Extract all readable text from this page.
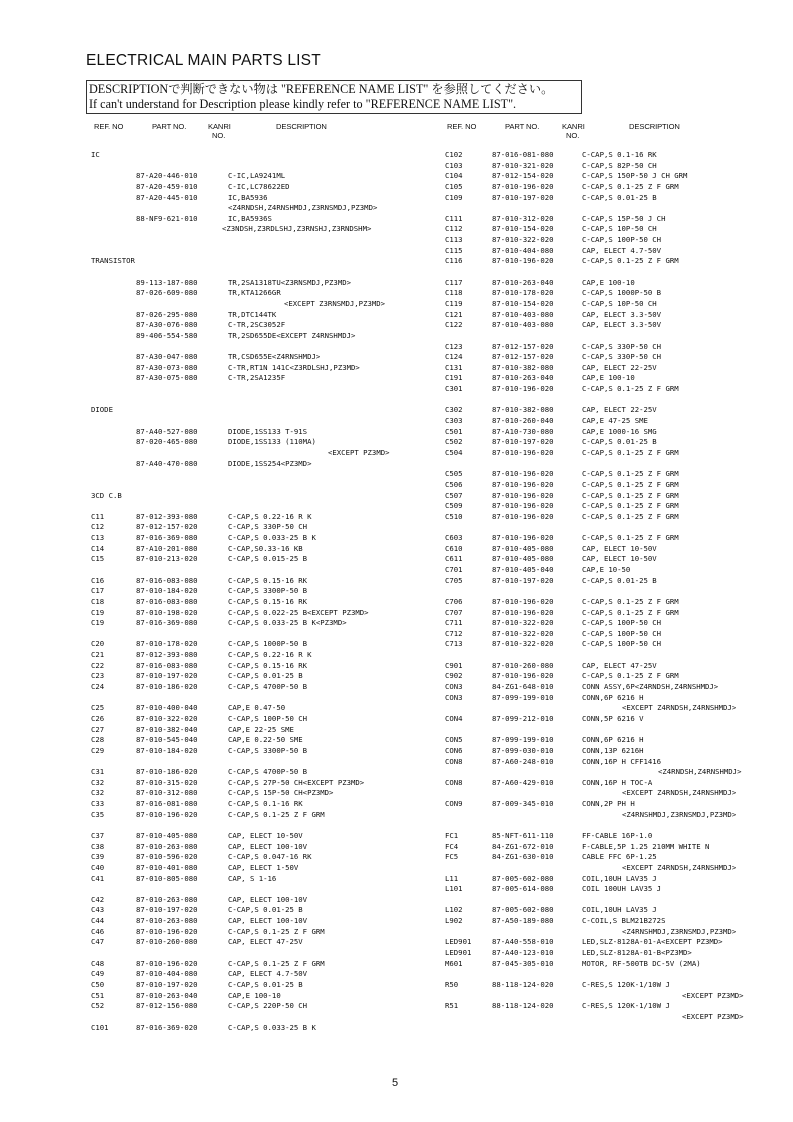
ELECTRICAL MAIN PARTS LIST
DESCRIPTIONで判断できない物は "REFERENCE NAME LIST" を参照してください。
If can't understand for Description please kindly refer to "REFERENCE NAME LIST".
REF. NO	PART NO.	KANRI
NO.
DESCRIPTION	REF. NO	PART NO.	KANRI
NO.
DESCRIPTION
IC
87-A20-446-010	C-IC,LA9241ML
87-A20-459-010	C-IC,LC78622ED
87-A20-445-010	IC,BA5936
<Z4RNDSH,Z4RNSHMDJ,Z3RNSMDJ,PZ3MD>
88-NF9-621-010	IC,BA5936S
<Z3NDSH,Z3RDLSHJ,Z3RNSHJ,Z3RNDSHM>
TRANSISTOR
89-113-187-080	TR,2SA1318TU<Z3RNSMDJ,PZ3MD>
87-026-609-080	TR,KTA1266GR
<EXCEPT Z3RNSMDJ,PZ3MD>
87-026-295-080	TR,DTC144TK
87-A30-076-080	C-TR,2SC3052F
89-406-554-580	TR,2SD655DE<EXCEPT Z4RNSHMDJ>
87-A30-047-080	TR,CSD655E<Z4RNSHMDJ>
87-A30-073-080	C-TR,RT1N 141C<Z3RDLSHJ,PZ3MD>
87-A30-075-080	C-TR,2SA1235F
DIODE
87-A40-527-080	DIODE,1SS133 T-91S
87-020-465-080	DIODE,1SS133 (110MA)
<EXCEPT PZ3MD>
87-A40-470-080	DIODE,1SS254<PZ3MD>
3CD C.B
C11	87-012-393-080	C-CAP,S 0.22-16 R K
C12	87-012-157-020	C-CAP,S 330P-50 CH
C13	87-016-369-080	C-CAP,S 0.033-25 B K
C14	87-A10-201-080	C-CAP,S0.33-16 KB
C15	87-010-213-020	C-CAP,S 0.015-25 B
C16	87-016-083-080	C-CAP,S 0.15-16 RK
C17	87-010-184-020	C-CAP,S 3300P-50 B
C18	87-016-083-080	C-CAP,S 0.15-16 RK
C19	87-010-198-020	C-CAP,S 0.022-25 B<EXCEPT PZ3MD>
C19	87-016-369-080	C-CAP,S 0.033-25 B K<PZ3MD>
C20	87-010-178-020	C-CAP,S 1000P-50 B
C21	87-012-393-080	C-CAP,S 0.22-16 R K
C22	87-016-083-080	C-CAP,S 0.15-16 RK
C23	87-010-197-020	C-CAP,S 0.01-25 B
C24	87-010-186-020	C-CAP,S 4700P-50 B
C25	87-010-400-040	CAP,E 0.47-50
C26	87-010-322-020	C-CAP,S 100P-50 CH
C27	87-010-382-040	CAP,E 22-25 SME
C28	87-010-545-040	CAP,E 0.22-50 SME
C29	87-010-184-020	C-CAP,S 3300P-50 B
C31	87-010-186-020	C-CAP,S 4700P-50 B
C32	87-010-315-020	C-CAP,S 27P-50 CH<EXCEPT PZ3MD>
C32	87-010-312-080	C-CAP,S 15P-50 CH<PZ3MD>
C33	87-016-081-080	C-CAP,S 0.1-16 RK
C35	87-010-196-020	C-CAP,S 0.1-25 Z F GRM
C37	87-010-405-080	CAP, ELECT 10-50V
C38	87-010-263-080	CAP, ELECT 100-10V
C39	87-010-596-020	C-CAP,S 0.047-16 RK
C40	87-010-401-080	CAP, ELECT 1-50V
C41	87-010-805-080	CAP, S 1-16
C42	87-010-263-080	CAP, ELECT 100-10V
C43	87-010-197-020	C-CAP,S 0.01-25 B
C44	87-010-263-080	CAP, ELECT 100-10V
C46	87-010-196-020	C-CAP,S 0.1-25 Z F GRM
C47	87-010-260-080	CAP, ELECT 47-25V
C48	87-010-196-020	C-CAP,S 0.1-25 Z F GRM
C49	87-010-404-080	CAP, ELECT 4.7-50V
C50	87-010-197-020	C-CAP,S 0.01-25 B
C51	87-010-263-040	CAP,E 100-10
C52	87-012-156-080	C-CAP,S 220P-50 CH
C101	87-016-369-020	C-CAP,S 0.033-25 B K
C102	87-016-081-080	C-CAP,S 0.1-16 RK
C103	87-010-321-020	C-CAP,S 82P-50 CH
C104	87-012-154-020	C-CAP,S 150P-50 J CH GRM
C105	87-010-196-020	C-CAP,S 0.1-25 Z F GRM
C109	87-010-197-020	C-CAP,S 0.01-25 B
C111	87-010-312-020	C-CAP,S 15P-50 J CH
C112	87-010-154-020	C-CAP,S 10P-50 CH
C113	87-010-322-020	C-CAP,S 100P-50 CH
C115	87-010-404-080	CAP, ELECT 4.7-50V
C116	87-010-196-020	C-CAP,S 0.1-25 Z F GRM
C117	87-010-263-040	CAP,E 100-10
C118	87-010-178-020	C-CAP,S 1000P-50 B
C119	87-010-154-020	C-CAP,S 10P-50 CH
C121	87-010-403-080	CAP, ELECT 3.3-50V
C122	87-010-403-080	CAP, ELECT 3.3-50V
C123	87-012-157-020	C-CAP,S 330P-50 CH
C124	87-012-157-020	C-CAP,S 330P-50 CH
C131	87-010-382-080	CAP, ELECT 22-25V
C191	87-010-263-040	CAP,E 100-10
C301	87-010-196-020	C-CAP,S 0.1-25 Z F GRM
C302	87-010-382-080	CAP, ELECT 22-25V
C303	87-010-260-040	CAP,E 47-25 SME
C501	87-A10-730-080	CAP,E 1000-16 SMG
C502	87-010-197-020	C-CAP,S 0.01-25 B
C504	87-010-196-020	C-CAP,S 0.1-25 Z F GRM
C505	87-010-196-020	C-CAP,S 0.1-25 Z F GRM
C506	87-010-196-020	C-CAP,S 0.1-25 Z F GRM
C507	87-010-196-020	C-CAP,S 0.1-25 Z F GRM
C509	87-010-196-020	C-CAP,S 0.1-25 Z F GRM
C510	87-010-196-020	C-CAP,S 0.1-25 Z F GRM
C603	87-010-196-020	C-CAP,S 0.1-25 Z F GRM
C610	87-010-405-080	CAP, ELECT 10-50V
C611	87-010-405-080	CAP, ELECT 10-50V
C701	87-010-405-040	CAP,E 10-50
C705	87-010-197-020	C-CAP,S 0.01-25 B
C706	87-010-196-020	C-CAP,S 0.1-25 Z F GRM
C707	87-010-196-020	C-CAP,S 0.1-25 Z F GRM
C711	87-010-322-020	C-CAP,S 100P-50 CH
C712	87-010-322-020	C-CAP,S 100P-50 CH
C713	87-010-322-020	C-CAP,S 100P-50 CH
C901	87-010-260-080	CAP, ELECT 47-25V
C902	87-010-196-020	C-CAP,S 0.1-25 Z F GRM
CON3	84-ZG1-648-010	CONN ASSY,6P<Z4RNDSH,Z4RNSHMDJ>
CON3	87-099-199-010	CONN,6P 6216 H
<EXCEPT Z4RNDSH,Z4RNSHMDJ>
CON4	87-099-212-010	CONN,5P 6216 V
CON5	87-099-199-010	CONN,6P 6216 H
CON6	87-099-030-010	CONN,13P 6216H
CON8	87-A60-248-010	CONN,16P H CFF1416
<Z4RNDSH,Z4RNSHMDJ>
CON8	87-A60-429-010	CONN,16P H TOC-A
<EXCEPT Z4RNDSH,Z4RNSHMDJ>
CON9	87-009-345-010	CONN,2P PH H
<Z4RNSHMDJ,Z3RNSMDJ,PZ3MD>
FC1	85-NFT-611-110	FF-CABLE 16P-1.0
FC4	84-ZG1-672-010	F-CABLE,5P 1.25 210MM WHITE N
FC5	84-ZG1-630-010	CABLE FFC 6P-1.25
<EXCEPT Z4RNDSH,Z4RNSHMDJ>
L11	87-005-602-080	COIL,10UH LAV35 J
L101	87-005-614-080	COIL 100UH LAV35 J
L102	87-005-602-080	COIL,10UH LAV35 J
L902	87-A50-189-080	C-COIL,S BLM21B272S
<Z4RNSHMDJ,Z3RNSMDJ,PZ3MD>
LED901	87-A40-558-010	LED,SLZ-8128A-01-A<EXCEPT PZ3MD>
LED901	87-A40-123-010	LED,SLZ-8128A-01-B<PZ3MD>
M601	87-045-305-010	MOTOR, RF-500TB DC-5V (2MA)
R50	88-118-124-020	C-RES,S 120K-1/10W J
<EXCEPT PZ3MD>
R51	88-118-124-020	C-RES,S 120K-1/10W J
<EXCEPT PZ3MD>
5
